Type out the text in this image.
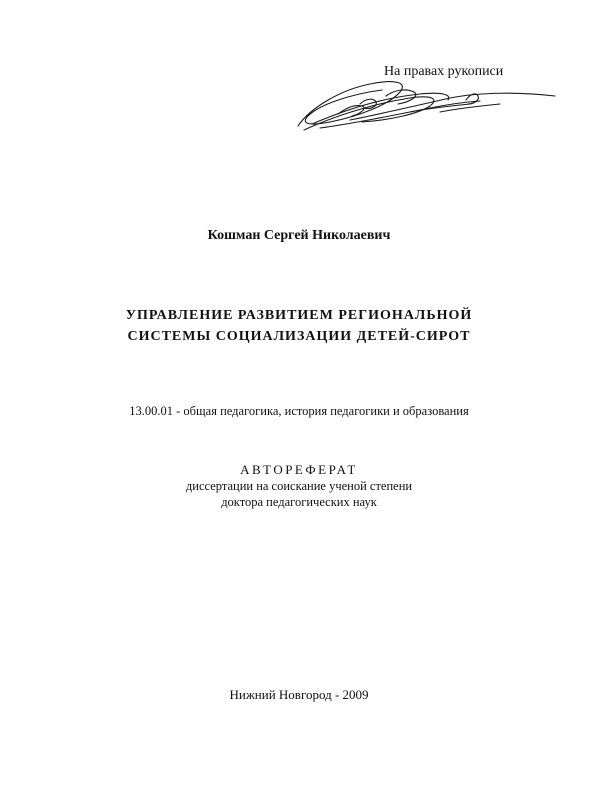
На правах рукописи
Кошман Сергей Николаевич
УПРАВЛЕНИЕ РАЗВИТИЕМ РЕГИОНАЛЬНОЙ
СИСТЕМЫ СОЦИАЛИЗАЦИИ ДЕТЕЙ-СИРОТ
13.00.01 - общая педагогика, история педагогики и образования
АВТОРЕФЕРАТ
диссертации на соискание ученой степени
доктора педагогических наук
Нижний Новгород - 2009
